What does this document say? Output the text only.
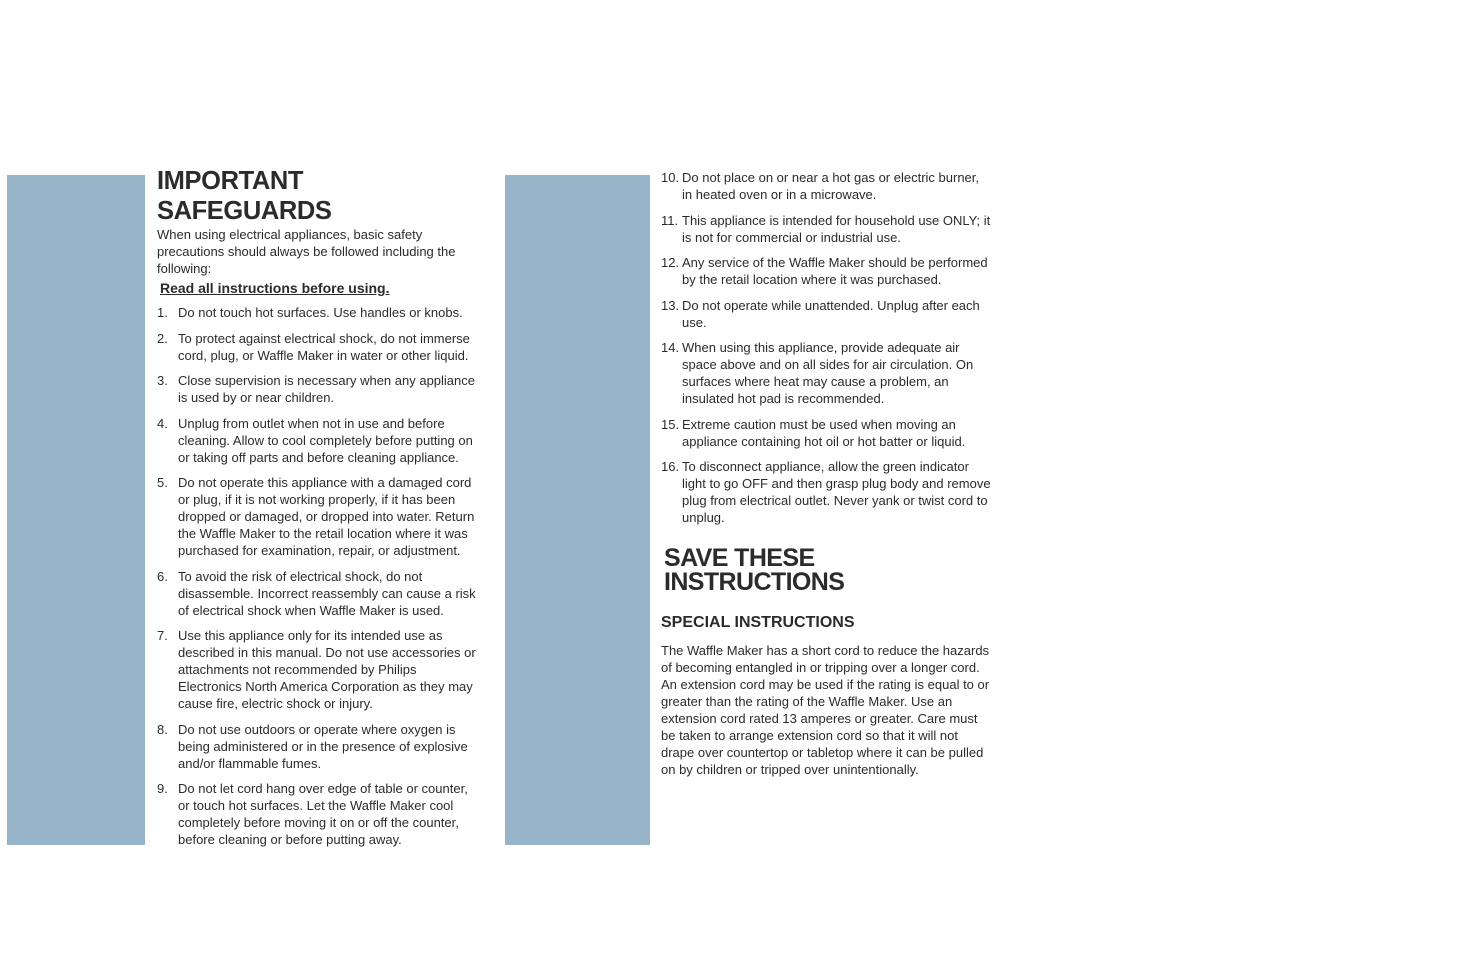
IMPORTANT SAFEGUARDS

When using electrical appliances, basic safety precautions should always be followed including the following:

Read all instructions before using.

1. Do not touch hot surfaces. Use handles or knobs.
2. To protect against electrical shock, do not immerse cord, plug, or Waffle Maker in water or other liquid.
3. Close supervision is necessary when any appliance is used by or near children.
4. Unplug from outlet when not in use and before cleaning. Allow to cool completely before putting on or taking off parts and before cleaning appliance.
5. Do not operate this appliance with a damaged cord or plug, if it is not working properly, if it has been dropped or damaged, or dropped into water. Return the Waffle Maker to the retail location where it was purchased for examination, repair, or adjustment.
6. To avoid the risk of electrical shock, do not disassemble. Incorrect reassembly can cause a risk of electrical shock when Waffle Maker is used.
7. Use this appliance only for its intended use as described in this manual. Do not use accessories or attachments not recommended by Philips Electronics North America Corporation as they may cause fire, electric shock or injury.
8. Do not use outdoors or operate where oxygen is being administered or in the presence of explosive and/or flammable fumes.
9. Do not let cord hang over edge of table or counter, or touch hot surfaces. Let the Waffle Maker cool completely before moving it on or off the counter, before cleaning or before putting away.
10. Do not place on or near a hot gas or electric burner, in heated oven or in a microwave.
11. This appliance is intended for household use ONLY; it is not for commercial or industrial use.
12. Any service of the Waffle Maker should be performed by the retail location where it was purchased.
13. Do not operate while unattended. Unplug after each use.
14. When using this appliance, provide adequate air space above and on all sides for air circulation. On surfaces where heat may cause a problem, an insulated hot pad is recommended.
15. Extreme caution must be used when moving an appliance containing hot oil or hot batter or liquid.
16. To disconnect appliance, allow the green indicator light to go OFF and then grasp plug body and remove plug from electrical outlet. Never yank or twist cord to unplug.
SAVE THESE
INSTRUCTIONS
SPECIAL INSTRUCTIONS

The Waffle Maker has a short cord to reduce the hazards of becoming entangled in or tripping over a longer cord. An extension cord may be used if the rating is equal to or greater than the rating of the Waffle Maker. Use an extension cord rated 13 amperes or greater. Care must be taken to arrange extension cord so that it will not drape over countertop or tabletop where it can be pulled on by children or tripped over unintentionally.
